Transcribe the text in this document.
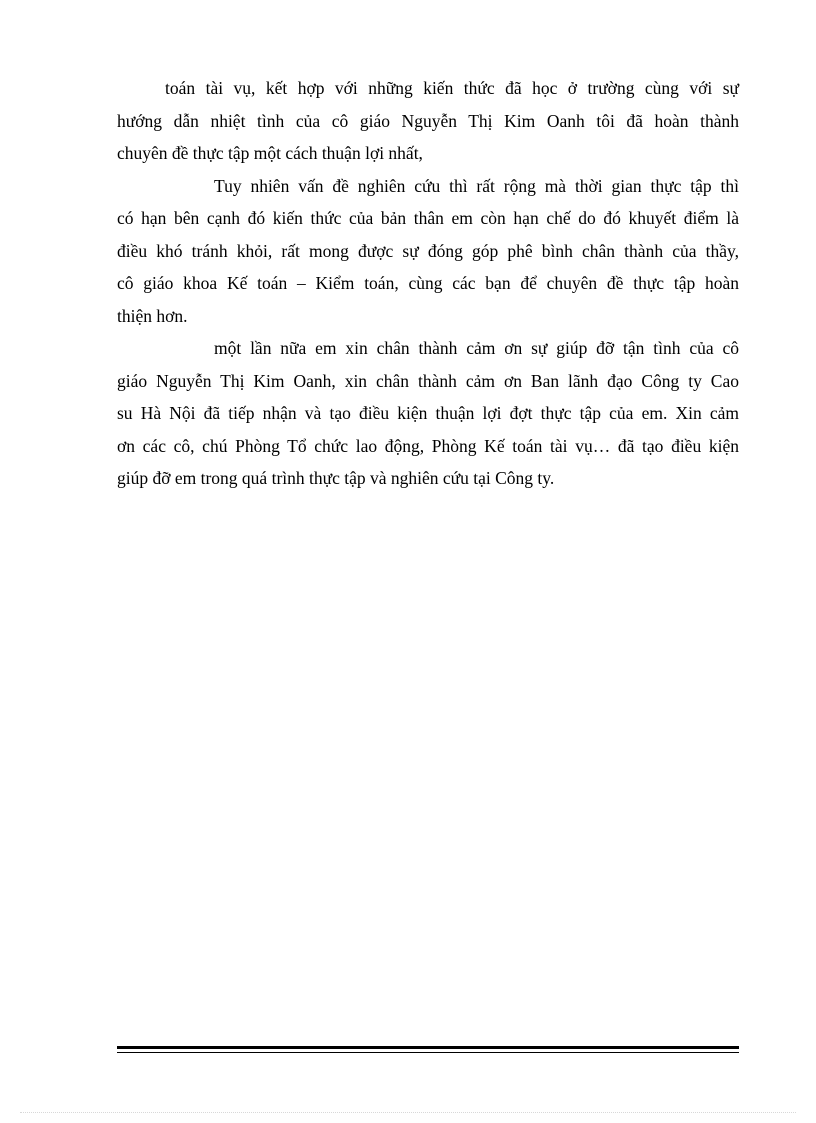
toán tài vụ, kết hợp với những kiến thức đã học ở trường cùng với sự
hướng dẫn nhiệt tình của cô giáo Nguyễn Thị Kim Oanh tôi đã hoàn thành
chuyên đề thực tập một cách thuận lợi nhất,
Tuy nhiên vấn đề nghiên cứu thì rất rộng mà thời gian thực tập thì
có hạn bên cạnh đó kiến thức của bản thân em còn hạn chế do đó khuyết điểm là
điều khó tránh khỏi, rất mong được sự đóng góp phê bình chân thành của thầy,
cô giáo khoa Kế toán – Kiểm toán, cùng các bạn để chuyên đề thực tập hoàn
thiện hơn.
một lần nữa em xin chân thành cảm ơn sự giúp đỡ tận tình của cô
giáo Nguyễn Thị Kim Oanh, xin chân thành cảm ơn Ban lãnh đạo Công ty Cao
su Hà Nội đã tiếp nhận và tạo điều kiện thuận lợi đợt thực tập của em. Xin cảm
ơn các cô, chú Phòng Tổ chức lao động, Phòng Kế toán tài vụ… đã tạo điều kiện
giúp đỡ em trong quá trình thực tập và nghiên cứu tại Công ty.
